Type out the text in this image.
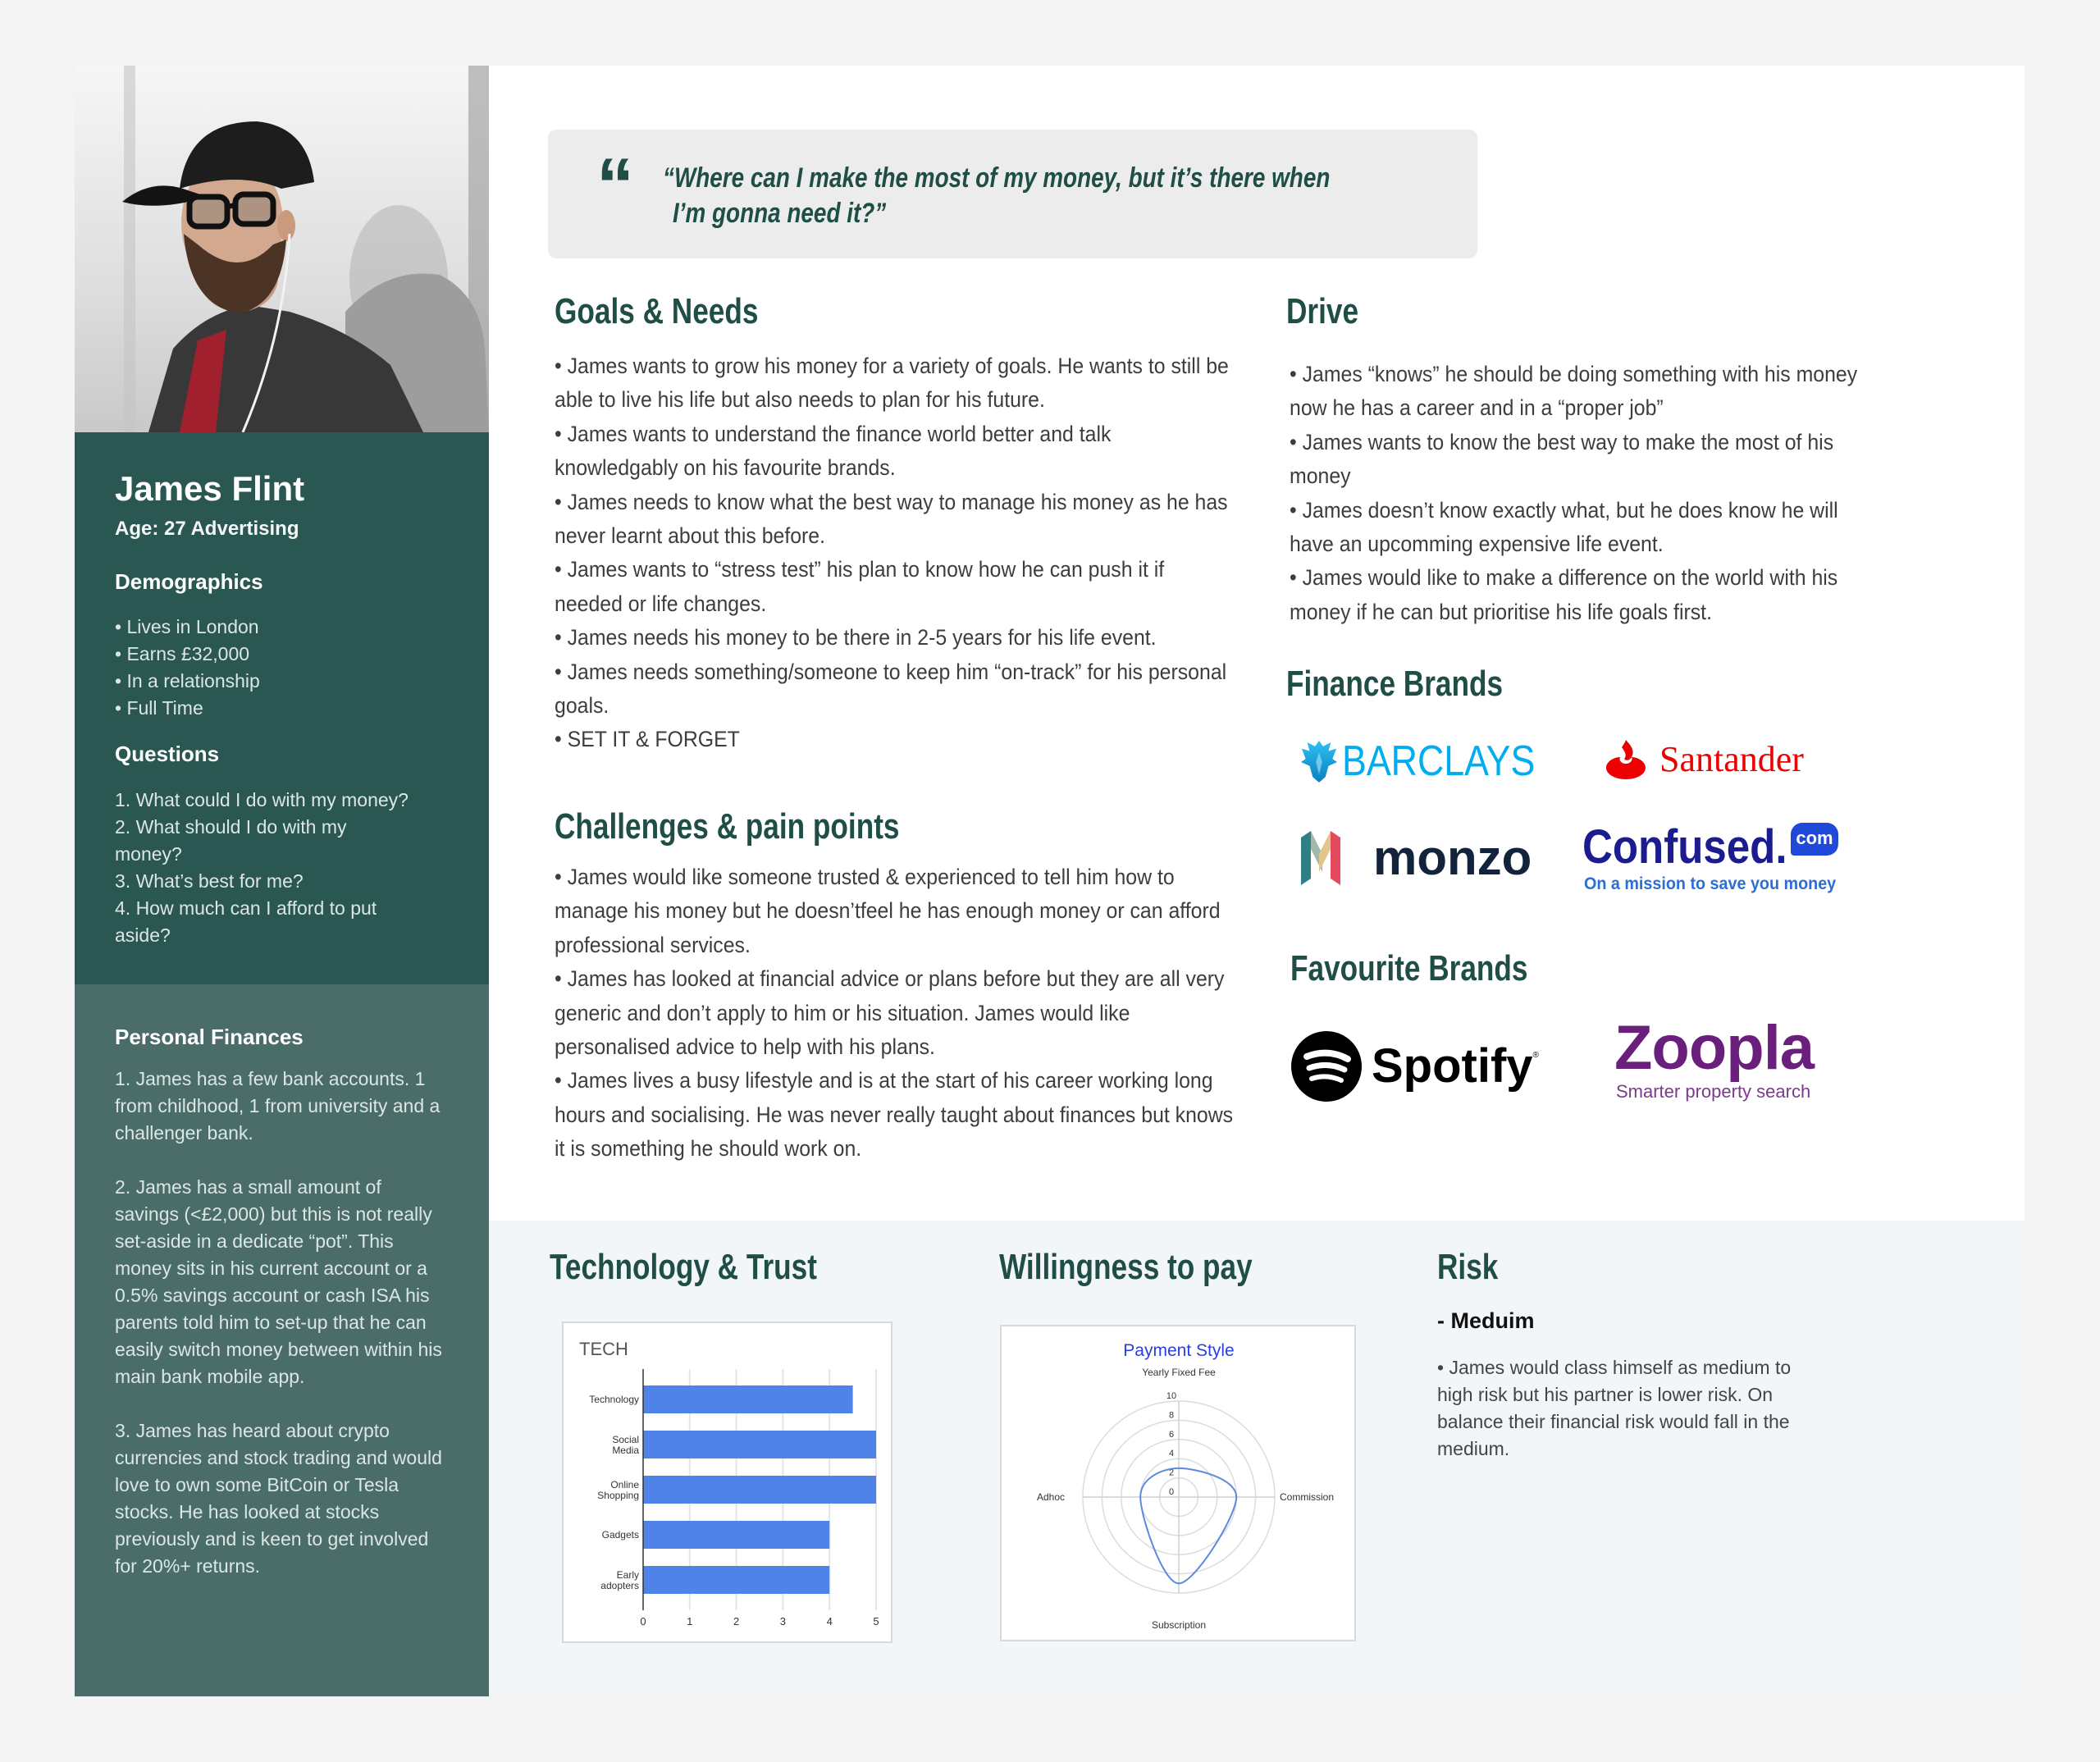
James Flint
Age: 27 Advertising
Demographics

• Lives in London

• Earns £32,000

• In a relationship

• Full Time

Questions

1. What could I do with my money?

2. What should I do with my money?

3. What’s best for me?

4. How much can I afford to put aside?

Personal Finances

1. James has a few bank accounts. 1 from childhood, 1 from university and a challenger bank.

2. James has a small amount of savings (<£2,000) but this is not really set-aside in a dedicate “pot”. This money sits in his current account or a 0.5% savings account or cash ISA his parents told him to set-up that he can easily switch money between within his main bank mobile app.

3. James has heard about crypto currencies and stock trading and would love to own some BitCoin or Tesla stocks. He has looked at stocks previously and is keen to get involved for 20%+ returns.

“ “Where can I make the most of my money, but it’s there when
I’m gonna need it?”
Goals & Needs

• James wants to grow his money for a variety of goals. He wants to still be able to live his life but also needs to plan for his future.

• James wants to understand the finance world better and talk knowledgably on his favourite brands.

• James needs to know what the best way to manage his money as he has never learnt about this before.

• James wants to “stress test” his plan to know how he can push it if needed or life changes.

• James needs his money to be there in 2-5 years for his life event.

• James needs something/someone to keep him “on-track” for his personal goals.

• SET IT & FORGET

Challenges & pain points

• James would like someone trusted & experienced to tell him how to manage his money but he doesn’tfeel he has enough money or can afford professional services.

• James has looked at financial advice or plans before but they are all very generic and don’t apply to him or his situation. James would like personalised advice to help with his plans.

• James lives a busy lifestyle and is at the start of his career working long hours and socialising. He was never really taught about finances but knows it is something he should work on.

Drive

• James “knows” he should be doing something with his money now he has a career and in a “proper job”

• James wants to know the best way to make the most of his money

• James doesn’t know exactly what, but he does know he will have an upcomming expensive life event.

• James would like to make a difference on the world with his money if he can but prioritise his life goals first.

Finance Brands
BARCLAYS	Santander
monzo Confused. com
On a mission to save you money
Favourite Brands
Spotify ® Zoopla
Smarter property search
Technology & Trust
TECH
0	1	2	3	4	5
Technology
Social
Media
Online
Shopping
Gadgets
Early
adopters
Willingness to pay
Payment Style
0
2
4
6
8
10
Yearly Fixed Fee
Commission
Subscription
Adhoc
Risk
- Meduim
• James would class himself as medium to high risk but his partner is lower risk. On balance their financial risk would fall in the medium.
